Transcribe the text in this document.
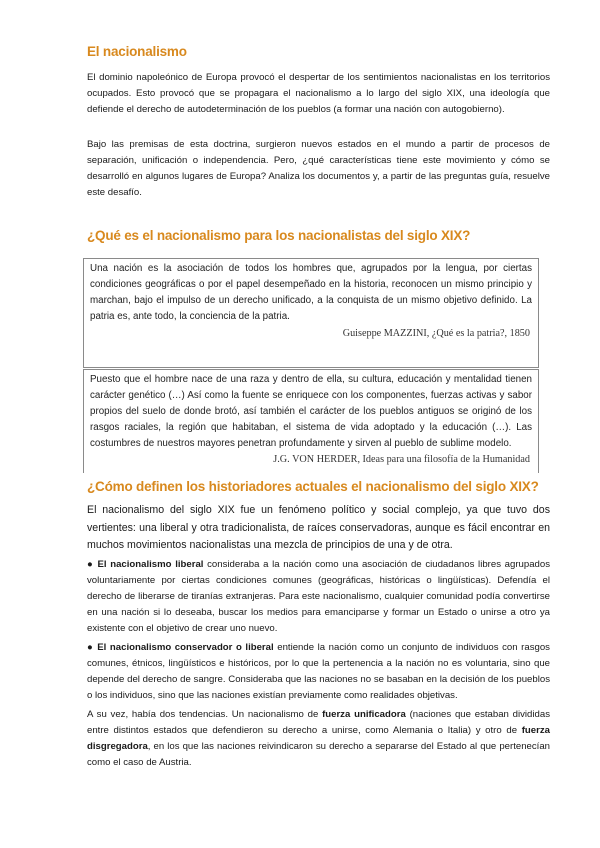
El nacionalismo
El dominio napoleónico de Europa provocó el despertar de los sentimientos nacionalistas en los territorios ocupados. Esto provocó que se propagara el nacionalismo a lo largo del siglo XIX, una ideología que defiende el derecho de autodeterminación de los pueblos (a formar una nación con autogobierno).
Bajo las premisas de esta doctrina, surgieron nuevos estados en el mundo a partir de procesos de separación, unificación o independencia. Pero, ¿qué características tiene este movimiento y cómo se desarrolló en algunos lugares de Europa? Analiza los documentos y, a partir de las preguntas guía, resuelve este desafío.
¿Qué es el nacionalismo para los nacionalistas del siglo XIX?
Una nación es la asociación de todos los hombres que, agrupados por la lengua, por ciertas condiciones geográficas o por el papel desempeñado en la historia, reconocen un mismo principio y marchan, bajo el impulso de un derecho unificado, a la conquista de un mismo objetivo definido. La patria es, ante todo, la conciencia de la patria.
Guiseppe MAZZINI, ¿Qué es la patria?, 1850
Puesto que el hombre nace de una raza y dentro de ella, su cultura, educación y mentalidad tienen carácter genético (…) Así como la fuente se enriquece con los componentes, fuerzas activas y sabor propios del suelo de donde brotó, así también el carácter de los pueblos antiguos se originó de los rasgos raciales, la región que habitaban, el sistema de vida adoptado y la educación (…). Las costumbres de nuestros mayores penetran profundamente y sirven al pueblo de sublime modelo.
J.G. VON HERDER, Ideas para una filosofía de la Humanidad
¿Cómo definen los historiadores actuales el nacionalismo del siglo XIX?
El nacionalismo del siglo XIX fue un fenómeno político y social complejo, ya que tuvo dos vertientes: una liberal y otra tradicionalista, de raíces conservadoras, aunque es fácil encontrar en muchos movimientos nacionalistas una mezcla de principios de una y de otra.
● El nacionalismo liberal consideraba a la nación como una asociación de ciudadanos libres agrupados voluntariamente por ciertas condiciones comunes (geográficas, históricas o lingüísticas). Defendía el derecho de liberarse de tiranías extranjeras. Para este nacionalismo, cualquier comunidad podía convertirse en una nación si lo deseaba, buscar los medios para emanciparse y formar un Estado o unirse a otro ya existente con el objetivo de crear uno nuevo.
● El nacionalismo conservador o liberal entiende la nación como un conjunto de individuos con rasgos comunes, étnicos, lingüísticos e históricos, por lo que la pertenencia a la nación no es voluntaria, sino que depende del derecho de sangre. Consideraba que las naciones no se basaban en la decisión de los pueblos o los individuos, sino que las naciones existían previamente como realidades objetivas.
A su vez, había dos tendencias. Un nacionalismo de fuerza unificadora (naciones que estaban divididas entre distintos estados que defendieron su derecho a unirse, como Alemania o Italia) y otro de fuerza disgregadora, en los que las naciones reivindicaron su derecho a separarse del Estado al que pertenecían como el caso de Austria.
